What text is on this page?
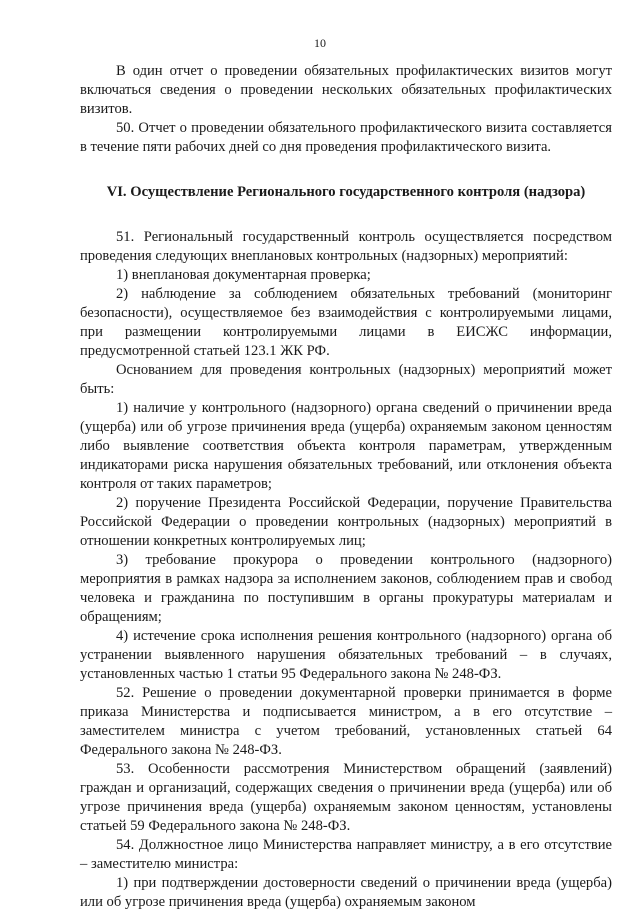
10

В один отчет о проведении обязательных профилактических визитов могут включаться сведения о проведении нескольких обязательных профилактических визитов.

50. Отчет о проведении обязательного профилактического визита составляется в течение пяти рабочих дней со дня проведения профилактического визита.

VI. Осуществление Регионального государственного контроля (надзора)

51. Региональный государственный контроль осуществляется посредством проведения следующих внеплановых контрольных (надзорных) мероприятий:

1) внеплановая документарная проверка;

2) наблюдение за соблюдением обязательных требований (мониторинг безопасности), осуществляемое без взаимодействия с контролируемыми лицами, при размещении контролируемыми лицами в ЕИСЖС информации, предусмотренной статьей 123.1 ЖК РФ.

Основанием для проведения контрольных (надзорных) мероприятий может быть:

1) наличие у контрольного (надзорного) органа сведений о причинении вреда (ущерба) или об угрозе причинения вреда (ущерба) охраняемым законом ценностям либо выявление соответствия объекта контроля параметрам, утвержденным индикаторами риска нарушения обязательных требований, или отклонения объекта контроля от таких параметров;

2) поручение Президента Российской Федерации, поручение Правительства Российской Федерации о проведении контрольных (надзорных) мероприятий в отношении конкретных контролируемых лиц;

3) требование прокурора о проведении контрольного (надзорного) мероприятия в рамках надзора за исполнением законов, соблюдением прав и свобод человека и гражданина по поступившим в органы прокуратуры материалам и обращениям;

4) истечение срока исполнения решения контрольного (надзорного) органа об устранении выявленного нарушения обязательных требований – в случаях, установленных частью 1 статьи 95 Федерального закона № 248-ФЗ.

52. Решение о проведении документарной проверки принимается в форме приказа Министерства и подписывается министром, а в его отсутствие – заместителем министра с учетом требований, установленных статьей 64 Федерального закона № 248-ФЗ.

53. Особенности рассмотрения Министерством обращений (заявлений) граждан и организаций, содержащих сведения о причинении вреда (ущерба) или об угрозе причинения вреда (ущерба) охраняемым законом ценностям, установлены статьей 59 Федерального закона № 248-ФЗ.

54. Должностное лицо Министерства направляет министру, а в его отсутствие – заместителю министра:

1) при подтверждении достоверности сведений о причинении вреда (ущерба) или об угрозе причинения вреда (ущерба) охраняемым законом
